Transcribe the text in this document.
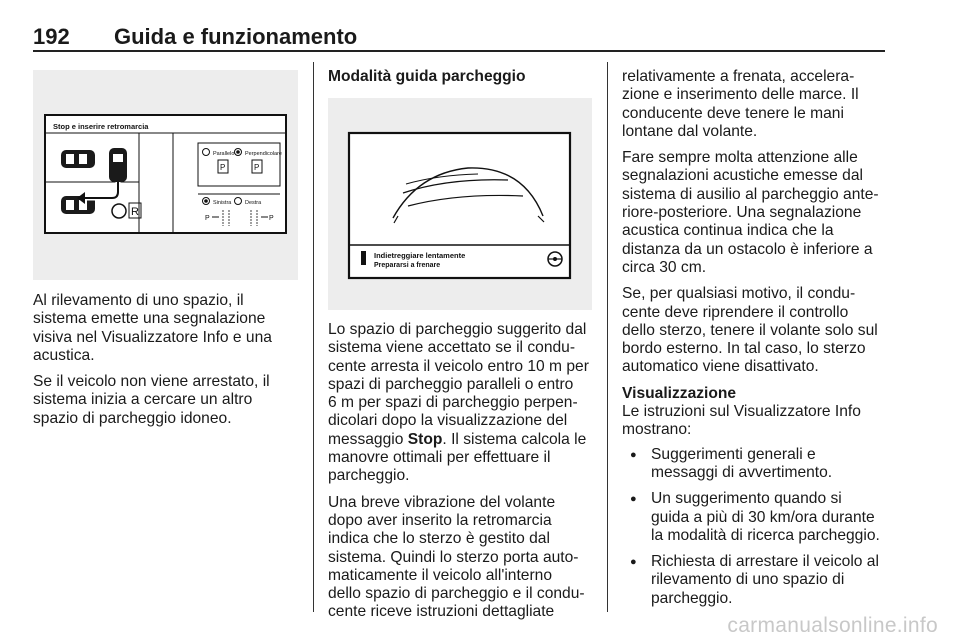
192 Guida e funzionamento
Stop e inserire retromarcia
R
Parallelo Perpendicolare
P	P
Sinistra Destra
P	P

Al rilevamento di uno spazio, il
sistema emette una segnalazione
visiva nel Visualizzatore Info e una
acustica.

Se il veicolo non viene arrestato, il
sistema inizia a cercare un altro
spazio di parcheggio idoneo.

Modalità guida parcheggio
Indietreggiare lentamente
Prepararsi a frenare

Lo spazio di parcheggio suggerito dal
sistema viene accettato se il condu-
cente arresta il veicolo entro 10 m per
spazi di parcheggio paralleli o entro
6 m per spazi di parcheggio perpen-
dicolari dopo la visualizzazione del
messaggio Stop. Il sistema calcola le
manovre ottimali per effettuare il
parcheggio.

Una breve vibrazione del volante
dopo aver inserito la retromarcia
indica che lo sterzo è gestito dal
sistema. Quindi lo sterzo porta auto-
maticamente il veicolo all'interno
dello spazio di parcheggio e il condu-
cente riceve istruzioni dettagliate

relativamente a frenata, accelera-
zione e inserimento delle marce. Il
conducente deve tenere le mani
lontane dal volante.

Fare sempre molta attenzione alle
segnalazioni acustiche emesse dal
sistema di ausilio al parcheggio ante-
riore-posteriore. Una segnalazione
acustica continua indica che la
distanza da un ostacolo è inferiore a
circa 30 cm.

Se, per qualsiasi motivo, il condu-
cente deve riprendere il controllo
dello sterzo, tenere il volante solo sul
bordo esterno. In tal caso, lo sterzo
automatico viene disattivato.

Visualizzazione
Le istruzioni sul Visualizzatore Info
mostrano:

● Suggerimenti generali e
messaggi di avvertimento.
● Un suggerimento quando si
guida a più di 30 km/ora durante
la modalità di ricerca parcheggio.
● Richiesta di arrestare il veicolo al
rilevamento di uno spazio di
parcheggio.
carmanualsonline.info
